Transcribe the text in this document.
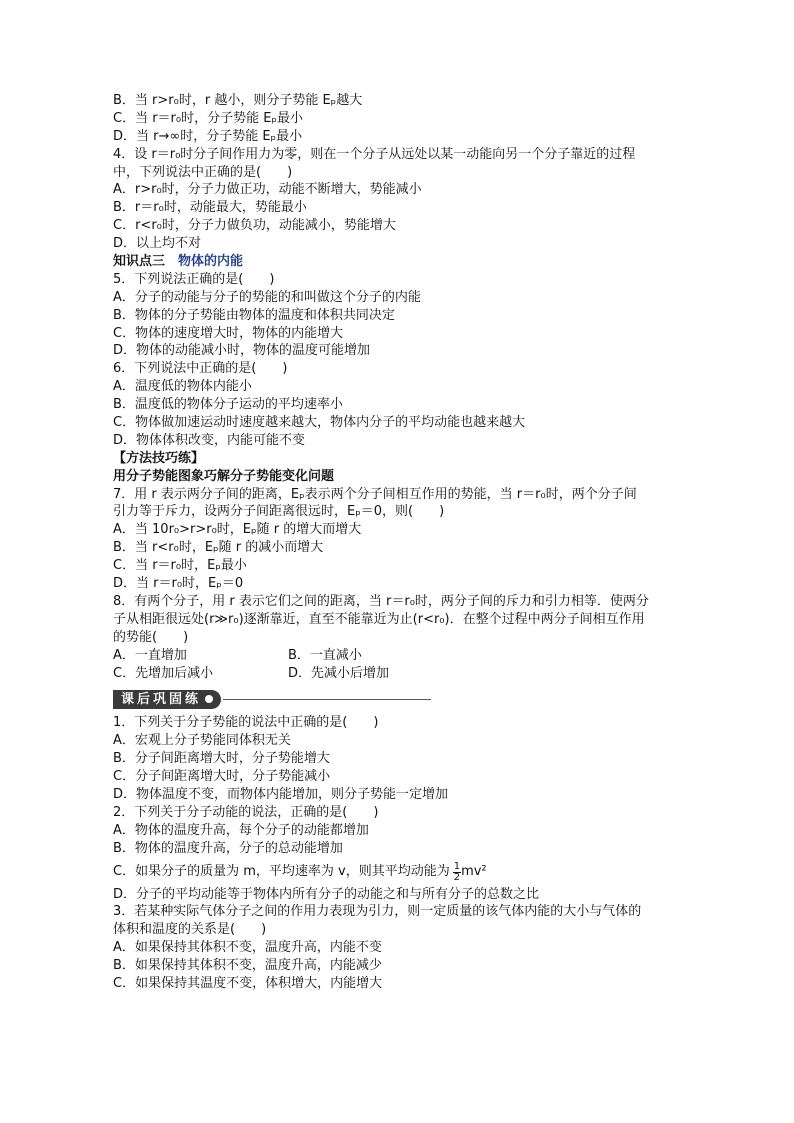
B．当 r>r₀时，r 越小，则分子势能 Eₚ越大
C．当 r＝r₀时，分子势能 Eₚ最小
D．当 r→∞时，分子势能 Eₚ最小
4．设 r＝r₀时分子间作用力为零，则在一个分子从远处以某一动能向另一个分子靠近的过程
中，下列说法中正确的是(　　)
A．r>r₀时，分子力做正功，动能不断增大，势能减小
B．r＝r₀时，动能最大，势能最小
C．r<r₀时，分子力做负功，动能减小，势能增大
D．以上均不对
知识点三　物体的内能
5．下列说法正确的是(　　)
A．分子的动能与分子的势能的和叫做这个分子的内能
B．物体的分子势能由物体的温度和体积共同决定
C．物体的速度增大时，物体的内能增大
D．物体的动能减小时，物体的温度可能增加
6．下列说法中正确的是(　　)
A．温度低的物体内能小
B．温度低的物体分子运动的平均速率小
C．物体做加速运动时速度越来越大，物体内分子的平均动能也越来越大
D．物体体积改变，内能可能不变
【方法技巧练】
用分子势能图象巧解分子势能变化问题
7．用 r 表示两分子间的距离，Eₚ表示两个分子间相互作用的势能，当 r＝r₀时，两个分子间
引力等于斥力，设两分子间距离很远时，Eₚ＝0，则(　　)
A．当 10r₀>r>r₀时，Eₚ随 r 的增大而增大
B．当 r<r₀时，Eₚ随 r 的减小而增大
C．当 r＝r₀时，Eₚ最小
D．当 r＝r₀时，Eₚ＝0
8．有两个分子，用 r 表示它们之间的距离，当 r＝r₀时，两分子间的斥力和引力相等．使两分
子从相距很远处(r≫r₀)逐渐靠近，直至不能靠近为止(r<r₀)．在整个过程中两分子间相互作用
的势能(　　)
A．一直增加	B．一直减小
C．先增加后减小	D．先减小后增加
课后巩固练
1．下列关于分子势能的说法中正确的是(　　)
A．宏观上分子势能同体积无关
B．分子间距离增大时，分子势能增大
C．分子间距离增大时，分子势能减小
D．物体温度不变，而物体内能增加，则分子势能一定增加
2．下列关于分子动能的说法，正确的是(　　)
A．物体的温度升高，每个分子的动能都增加
B．物体的温度升高，分子的总动能增加
C．如果分子的质量为 m，平均速率为 v，则其平均动能为 $\frac{1}{2} mv^2$
D．分子的平均动能等于物体内所有分子的动能之和与所有分子的总数之比
3．若某种实际气体分子之间的作用力表现为引力，则一定质量的该气体内能的大小与气体的
体积和温度的关系是(　　)
A．如果保持其体积不变，温度升高，内能不变
B．如果保持其体积不变，温度升高，内能减少
C．如果保持其温度不变，体积增大，内能增大
